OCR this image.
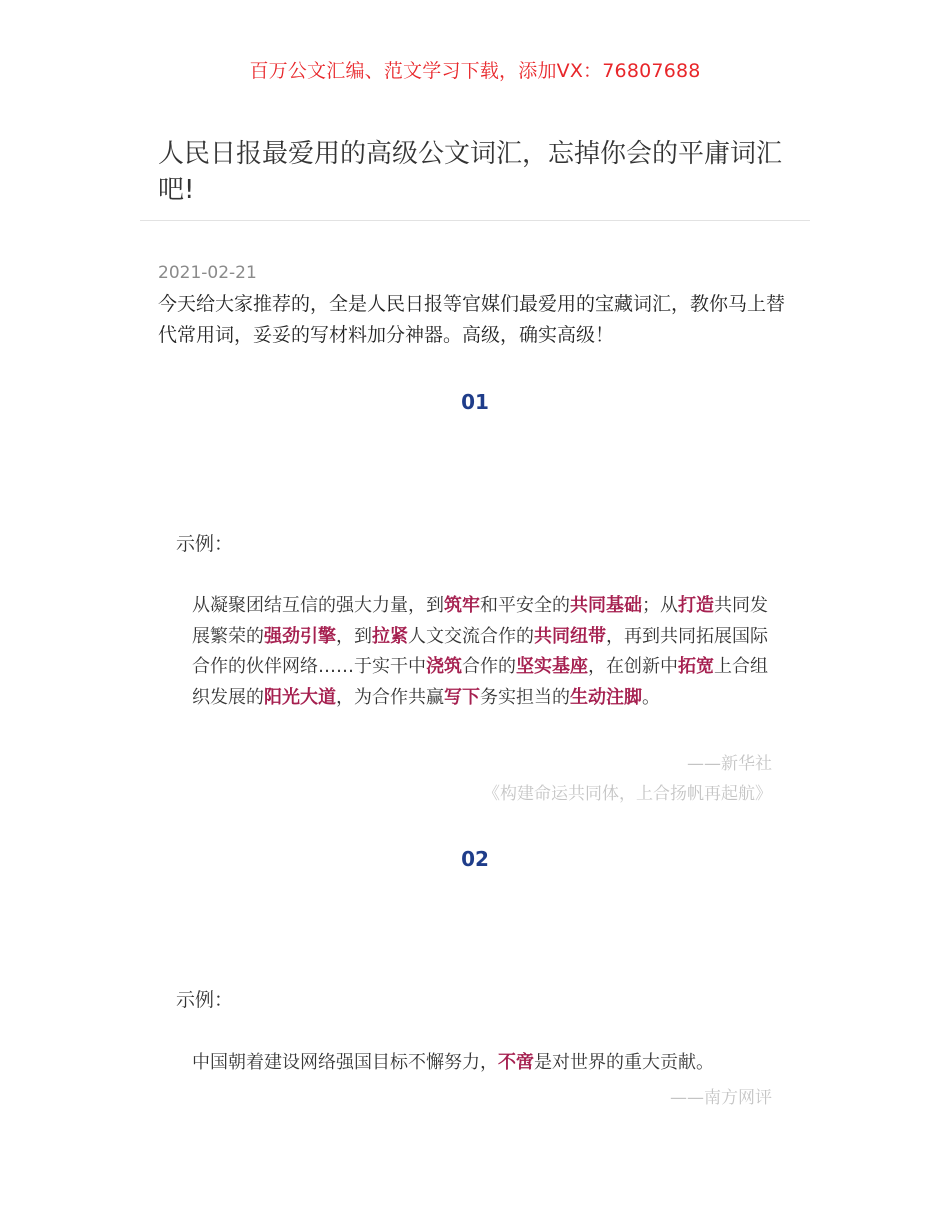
百万公文汇编、范文学习下载，添加VX：76807688
人民日报最爱用的高级公文词汇，忘掉你会的平庸词汇吧!
2021-02-21

今天给大家推荐的，全是人民日报等官媒们最爱用的宝藏词汇，教你马上替代常用词，妥妥的写材料加分神器。高级，确实高级！

01
示例：

从凝聚团结互信的强大力量，到筑牢和平安全的共同基础；从打造共同发展繁荣的强劲引擎，到拉紧人文交流合作的共同纽带，再到共同拓展国际合作的伙伴网络……于实干中浇筑合作的坚实基座，在创新中拓宽上合组织发展的阳光大道，为合作共赢写下务实担当的生动注脚。

——新华社
《构建命运共同体，上合扬帆再起航》
02
示例：

中国朝着建设网络强国目标不懈努力，不啻是对世界的重大贡献。

——南方网评
